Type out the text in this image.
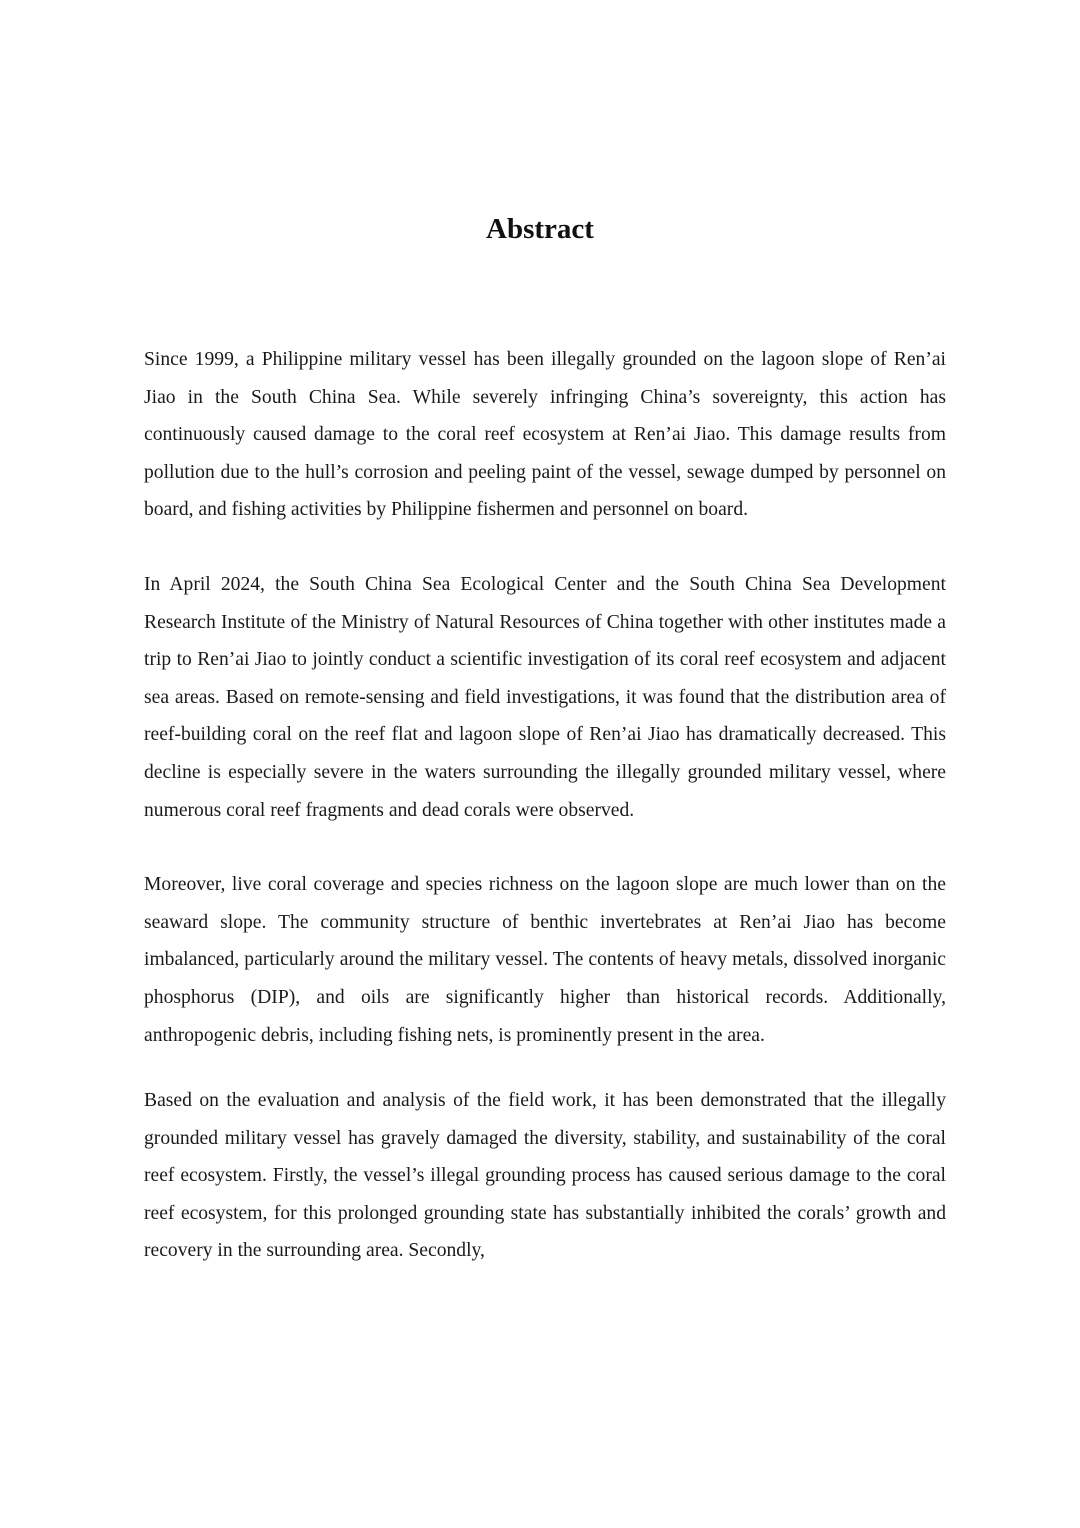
Abstract

Since 1999, a Philippine military vessel has been illegally grounded on the lagoon slope of Ren’ai Jiao in the South China Sea. While severely infringing China’s sovereignty, this action has continuously caused damage to the coral reef ecosystem at Ren’ai Jiao. This damage results from pollution due to the hull’s corrosion and peeling paint of the vessel, sewage dumped by personnel on board, and fishing activities by Philippine fishermen and personnel on board.

In April 2024, the South China Sea Ecological Center and the South China Sea Development Research Institute of the Ministry of Natural Resources of China together with other institutes made a trip to Ren’ai Jiao to jointly conduct a scientific investigation of its coral reef ecosystem and adjacent sea areas. Based on remote-sensing and field investigations, it was found that the distribution area of reef-building coral on the reef flat and lagoon slope of Ren’ai Jiao has dramatically decreased. This decline is especially severe in the waters surrounding the illegally grounded military vessel, where numerous coral reef fragments and dead corals were observed.

Moreover, live coral coverage and species richness on the lagoon slope are much lower than on the seaward slope. The community structure of benthic invertebrates at Ren’ai Jiao has become imbalanced, particularly around the military vessel. The contents of heavy metals, dissolved inorganic phosphorus (DIP), and oils are significantly higher than historical records. Additionally, anthropogenic debris, including fishing nets, is prominently present in the area.

Based on the evaluation and analysis of the field work, it has been demonstrated that the illegally grounded military vessel has gravely damaged the diversity, stability, and sustainability of the coral reef ecosystem. Firstly, the vessel’s illegal grounding process has caused serious damage to the coral reef ecosystem, for this prolonged grounding state has substantially inhibited the corals’ growth and recovery in the surrounding area. Secondly,
